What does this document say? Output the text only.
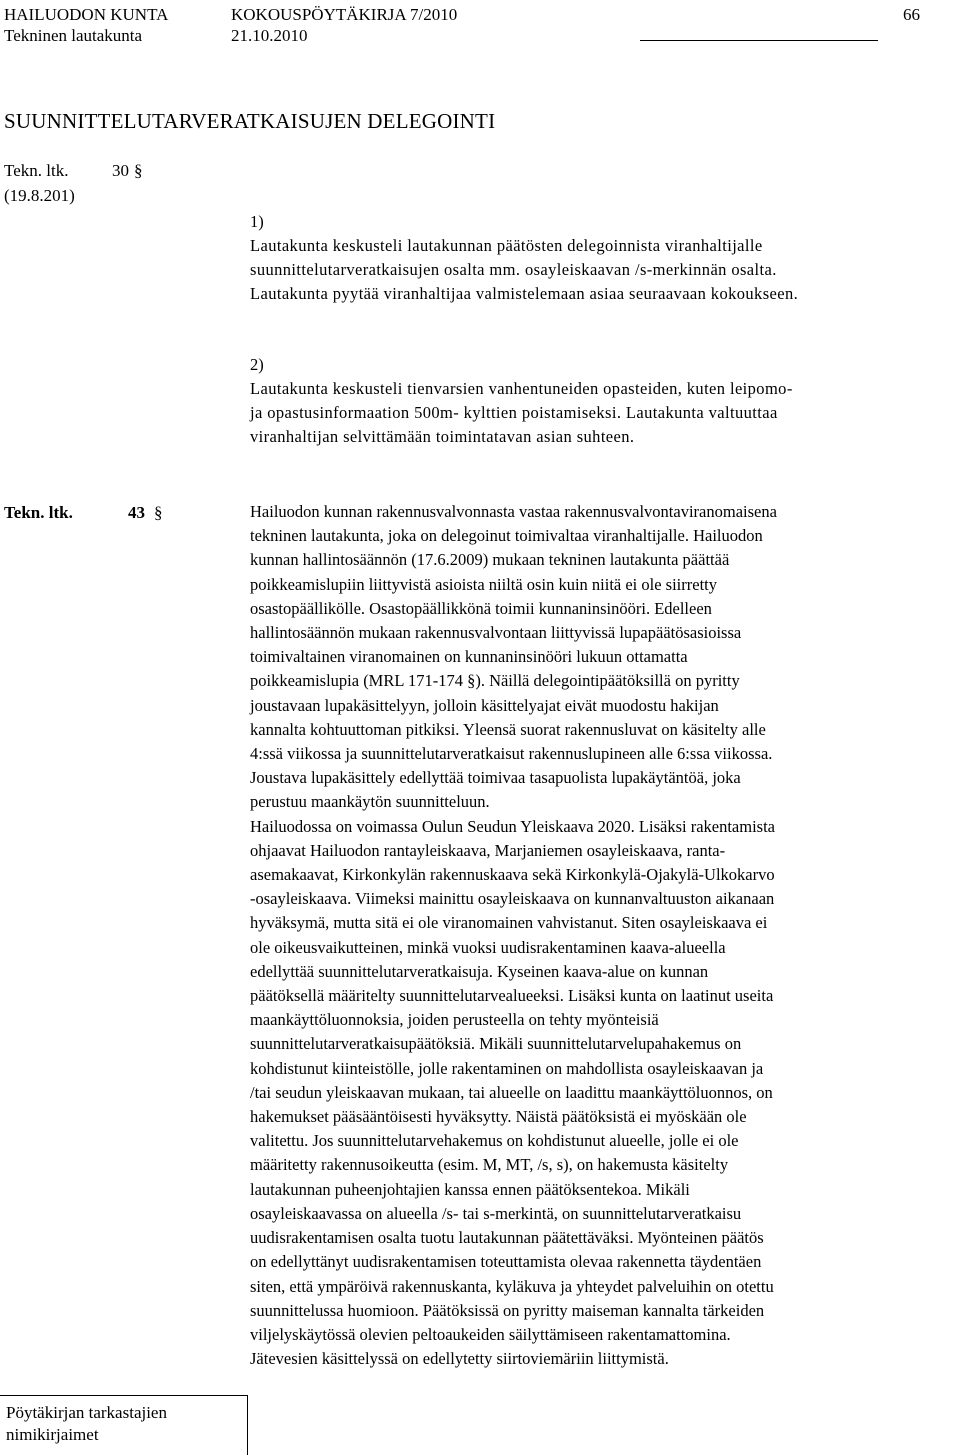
HAILUODON KUNTA	KOKOUSPÖYTÄKIRJA 7/2010	66
Tekninen lautakunta	21.10.2010
SUUNNITTELUTARVERATKAISUJEN DELEGOINTI
Tekn. ltk.	30 §
(19.8.201)
1)
Lautakunta keskusteli lautakunnan päätösten delegoinnista viranhaltijalle
suunnittelutarveratkaisujen osalta mm. osayleiskaavan /s-merkinnän osalta.
Lautakunta pyytää viranhaltijaa valmistelemaan asiaa seuraavaan kokoukseen.
2)
Lautakunta keskusteli tienvarsien vanhentuneiden opasteiden, kuten leipomo-
ja opastusinformaation 500m- kylttien poistamiseksi. Lautakunta valtuuttaa
viranhaltijan selvittämään toimintatavan asian suhteen.
Tekn. ltk.	43 §	Hailuodon kunnan rakennusvalvonnasta vastaa rakennusvalvontaviranomaisena
tekninen lautakunta, joka on delegoinut toimivaltaa viranhaltijalle. Hailuodon
kunnan hallintosäännön (17.6.2009) mukaan tekninen lautakunta päättää
poikkeamislupiin liittyvistä asioista niiltä osin kuin niitä ei ole siirretty
osastopäällikölle. Osastopäällikkönä toimii kunnaninsinööri. Edelleen
hallintosäännön mukaan rakennusvalvontaan liittyvissä lupapäätösasioissa
toimivaltainen viranomainen on kunnaninsinööri lukuun ottamatta
poikkeamislupia (MRL 171-174 §). Näillä delegointipäätöksillä on pyritty
joustavaan lupakäsittelyyn, jolloin käsittelyajat eivät muodostu hakijan
kannalta kohtuuttoman pitkiksi. Yleensä suorat rakennusluvat on käsitelty alle
4:ssä viikossa ja suunnittelutarveratkaisut rakennuslupineen alle 6:ssa viikossa.
Joustava lupakäsittely edellyttää toimivaa tasapuolista lupakäytäntöä, joka
perustuu maankäytön suunnitteluun.
Hailuodossa on voimassa Oulun Seudun Yleiskaava 2020. Lisäksi rakentamista
ohjaavat Hailuodon rantayleiskaava, Marjaniemen osayleiskaava, ranta-
asemakaavat, Kirkonkylän rakennuskaava sekä Kirkonkylä-Ojakylä-Ulkokarvo
-osayleiskaava. Viimeksi mainittu osayleiskaava on kunnanvaltuuston aikanaan
hyväksymä, mutta sitä ei ole viranomainen vahvistanut. Siten osayleiskaava ei
ole oikeusvaikutteinen, minkä vuoksi uudisrakentaminen kaava-alueella
edellyttää suunnittelutarveratkaisuja. Kyseinen kaava-alue on kunnan
päätöksellä määritelty suunnittelutarvealueeksi. Lisäksi kunta on laatinut useita
maankäyttöluonnoksia, joiden perusteella on tehty myönteisiä
suunnittelutarveratkaisupäätöksiä. Mikäli suunnittelutarvelupahakemus on
kohdistunut kiinteistölle, jolle rakentaminen on mahdollista osayleiskaavan ja
/tai seudun yleiskaavan mukaan, tai alueelle on laadittu maankäyttöluonnos, on
hakemukset pääsääntöisesti hyväksytty. Näistä päätöksistä ei myöskään ole
valitettu. Jos suunnittelutarvehakemus on kohdistunut alueelle, jolle ei ole
määritetty rakennusoikeutta (esim. M, MT, /s, s), on hakemusta käsitelty
lautakunnan puheenjohtajien kanssa ennen päätöksentekoa. Mikäli
osayleiskaavassa on alueella /s- tai s-merkintä, on suunnittelutarveratkaisu
uudisrakentamisen osalta tuotu lautakunnan päätettäväksi. Myönteinen päätös
on edellyttänyt uudisrakentamisen toteuttamista olevaa rakennetta täydentäen
siten, että ympäröivä rakennuskanta, kyläkuva ja yhteydet palveluihin on otettu
suunnittelussa huomioon. Päätöksissä on pyritty maiseman kannalta tärkeiden
viljelyskäytössä olevien peltoaukeiden säilyttämiseen rakentamattomina.
Jätevesien käsittelyssä on edellytetty siirtoviemäriin liittymistä.
Pöytäkirjan tarkastajien
nimikirjaimet
